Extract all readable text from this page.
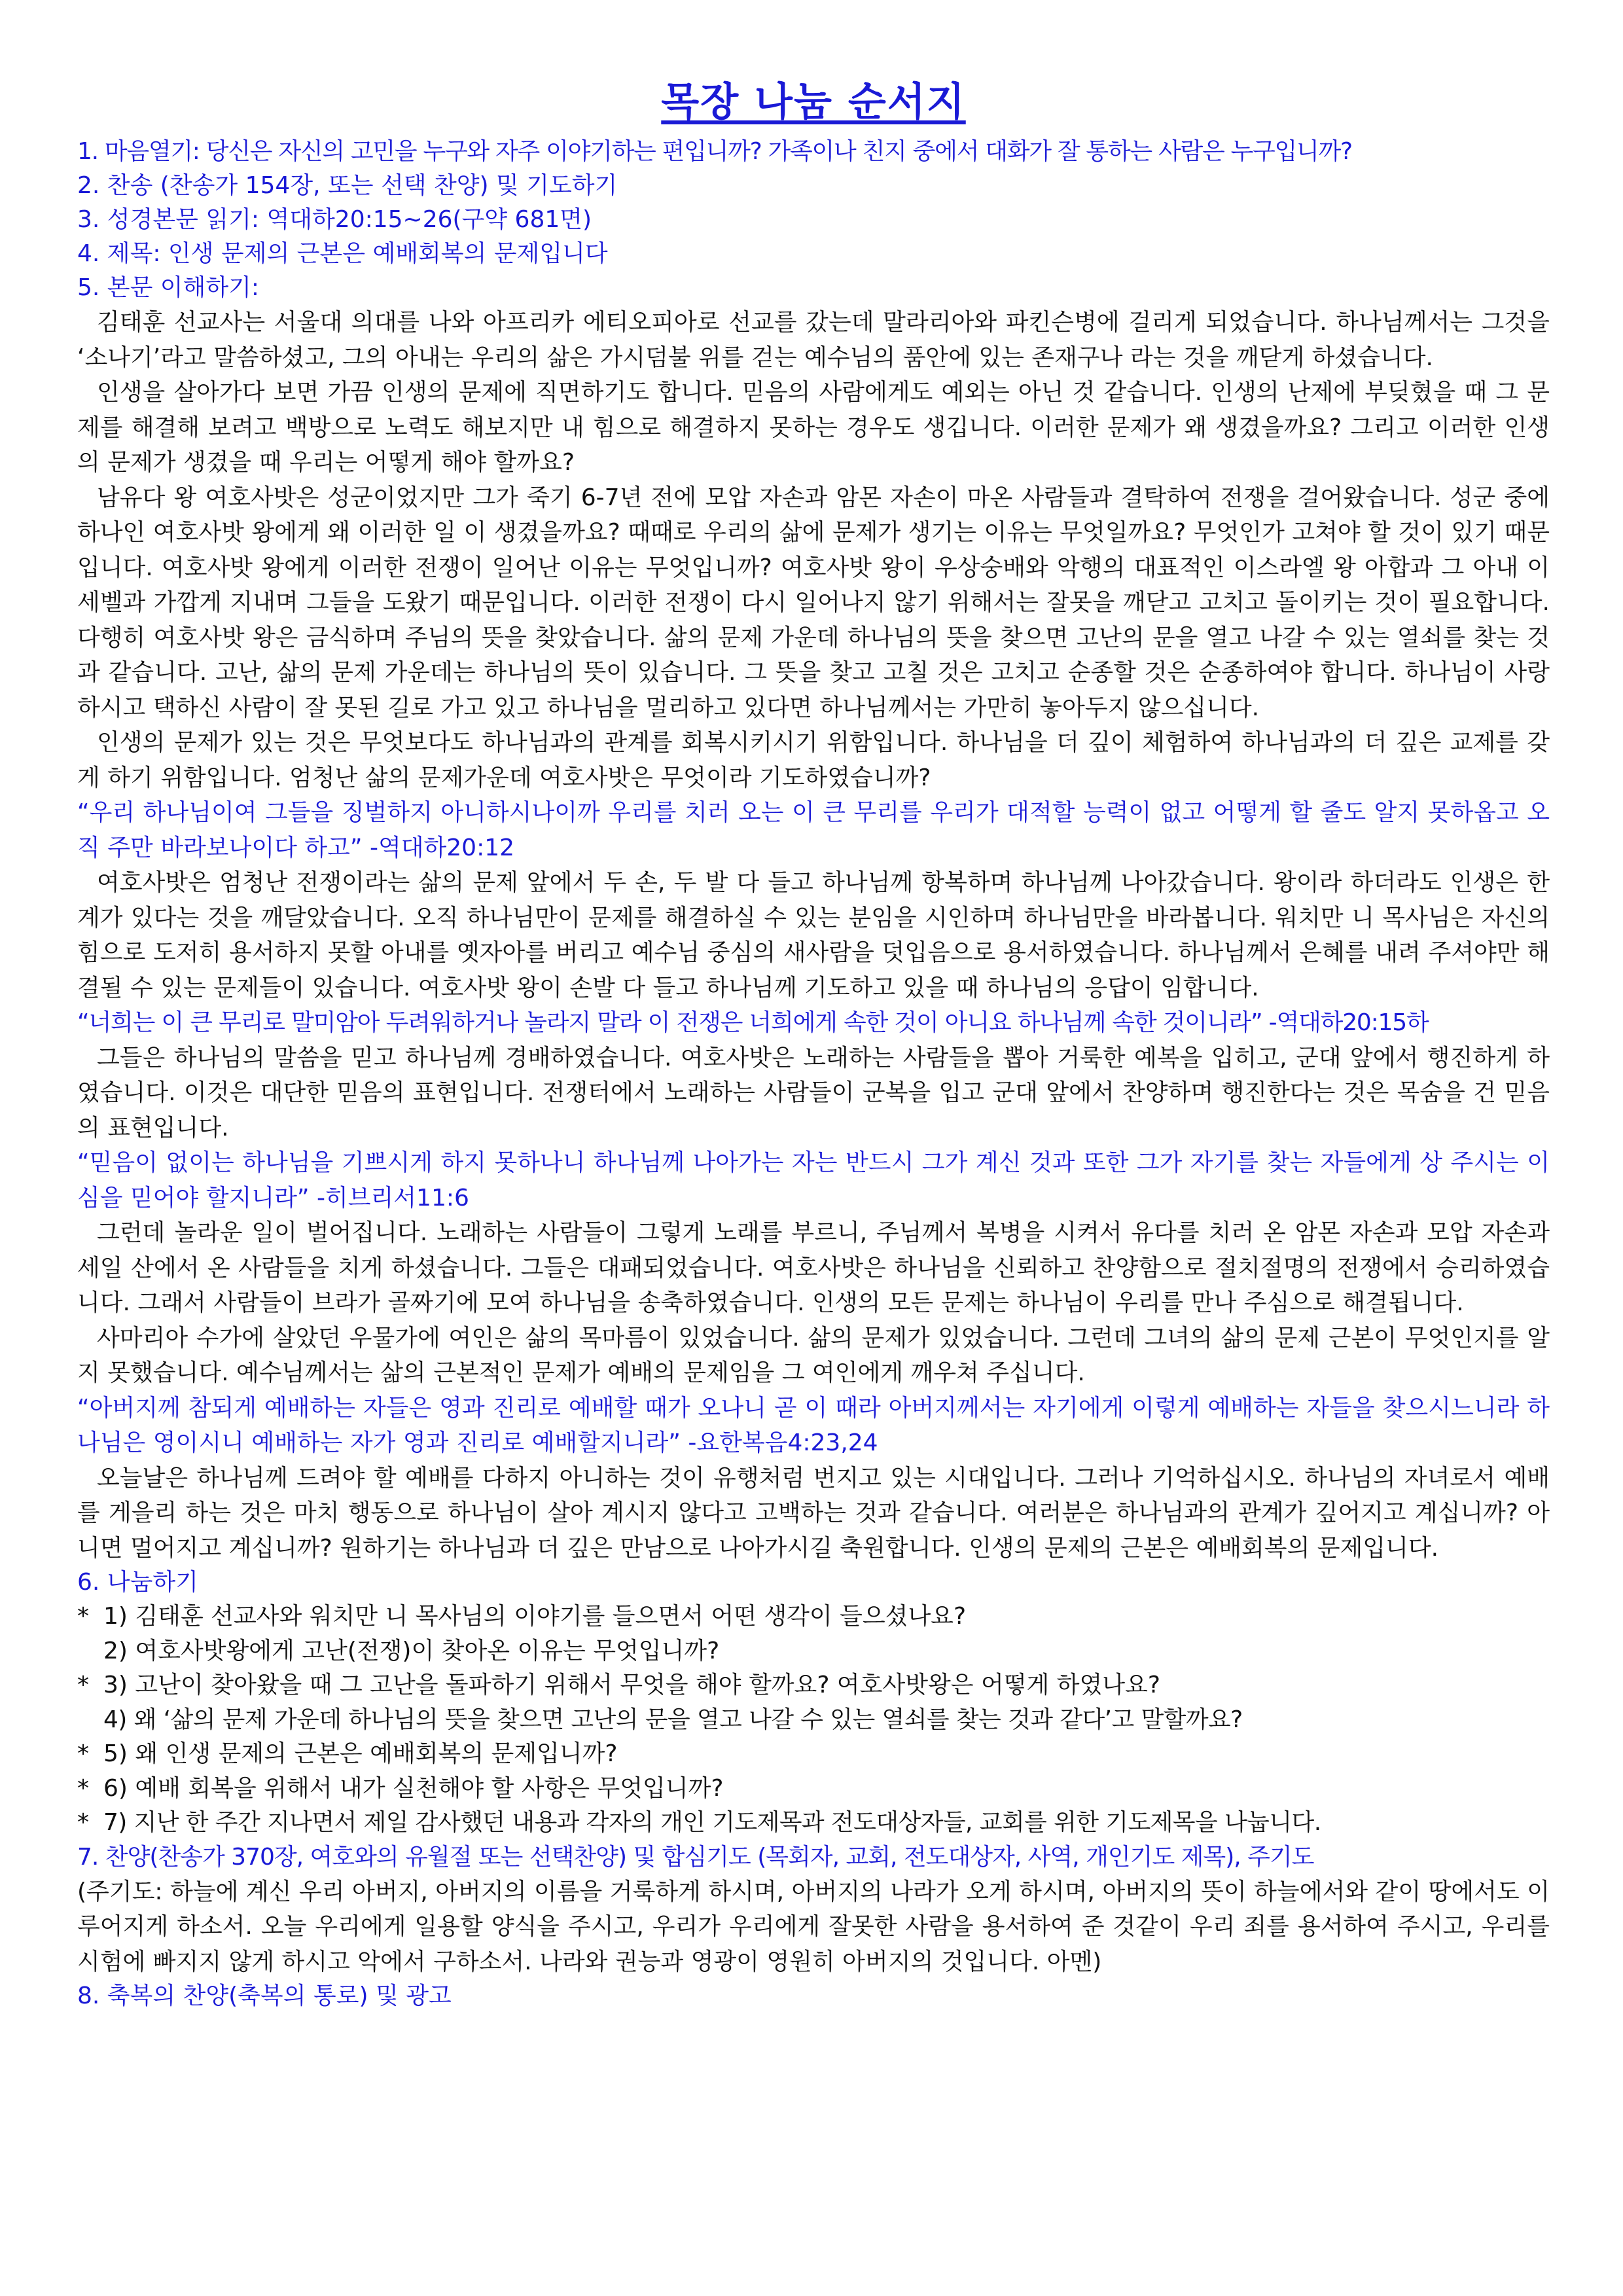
목장 나눔 순서지
1. 마음열기: 당신은 자신의 고민을 누구와 자주 이야기하는 편입니까? 가족이나 친지 중에서 대화가 잘 통하는 사람은 누구입니까?
2. 찬송 (찬송가 154장, 또는 선택 찬양) 및 기도하기
3. 성경본문 읽기: 역대하20:15~26(구약 681면)
4. 제목: 인생 문제의 근본은 예배회복의 문제입니다
5. 본문 이해하기:

김태훈 선교사는 서울대 의대를 나와 아프리카 에티오피아로 선교를 갔는데 말라리아와 파킨슨병에 걸리게 되었습니다. 하나님께서는 그것을 ‘소나기’라고 말씀하셨고, 그의 아내는 우리의 삶은 가시덤불 위를 걷는 예수님의 품안에 있는 존재구나 라는 것을 깨닫게 하셨습니다.

인생을 살아가다 보면 가끔 인생의 문제에 직면하기도 합니다. 믿음의 사람에게도 예외는 아닌 것 같습니다. 인생의 난제에 부딪혔을 때 그 문제를 해결해 보려고 백방으로 노력도 해보지만 내 힘으로 해결하지 못하는 경우도 생깁니다. 이러한 문제가 왜 생겼을까요? 그리고 이러한 인생의 문제가 생겼을 때 우리는 어떻게 해야 할까요?

남유다 왕 여호사밧은 성군이었지만 그가 죽기 6-7년 전에 모압 자손과 암몬 자손이 마온 사람들과 결탁하여 전쟁을 걸어왔습니다. 성군 중에 하나인 여호사밧 왕에게 왜 이러한 일 이 생겼을까요? 때때로 우리의 삶에 문제가 생기는 이유는 무엇일까요? 무엇인가 고쳐야 할 것이 있기 때문입니다. 여호사밧 왕에게 이러한 전쟁이 일어난 이유는 무엇입니까? 여호사밧 왕이 우상숭배와 악행의 대표적인 이스라엘 왕 아합과 그 아내 이세벨과 가깝게 지내며 그들을 도왔기 때문입니다. 이러한 전쟁이 다시 일어나지 않기 위해서는 잘못을 깨닫고 고치고 돌이키는 것이 필요합니다. 다행히 여호사밧 왕은 금식하며 주님의 뜻을 찾았습니다. 삶의 문제 가운데 하나님의 뜻을 찾으면 고난의 문을 열고 나갈 수 있는 열쇠를 찾는 것과 같습니다. 고난, 삶의 문제 가운데는 하나님의 뜻이 있습니다. 그 뜻을 찾고 고칠 것은 고치고 순종할 것은 순종하여야 합니다. 하나님이 사랑하시고 택하신 사람이 잘 못된 길로 가고 있고 하나님을 멀리하고 있다면 하나님께서는 가만히 놓아두지 않으십니다.

인생의 문제가 있는 것은 무엇보다도 하나님과의 관계를 회복시키시기 위함입니다. 하나님을 더 깊이 체험하여 하나님과의 더 깊은 교제를 갖게 하기 위함입니다. 엄청난 삶의 문제가운데 여호사밧은 무엇이라 기도하였습니까?

“우리 하나님이여 그들을 징벌하지 아니하시나이까 우리를 치러 오는 이 큰 무리를 우리가 대적할 능력이 없고 어떻게 할 줄도 알지 못하옵고 오직 주만 바라보나이다 하고” -역대하20:12

여호사밧은 엄청난 전쟁이라는 삶의 문제 앞에서 두 손, 두 발 다 들고 하나님께 항복하며 하나님께 나아갔습니다. 왕이라 하더라도 인생은 한계가 있다는 것을 깨달았습니다. 오직 하나님만이 문제를 해결하실 수 있는 분임을 시인하며 하나님만을 바라봅니다. 워치만 니 목사님은 자신의 힘으로 도저히 용서하지 못할 아내를 옛자아를 버리고 예수님 중심의 새사람을 덧입음으로 용서하였습니다. 하나님께서 은혜를 내려 주셔야만 해결될 수 있는 문제들이 있습니다. 여호사밧 왕이 손발 다 들고 하나님께 기도하고 있을 때 하나님의 응답이 임합니다.

“너희는 이 큰 무리로 말미암아 두려워하거나 놀라지 말라 이 전쟁은 너희에게 속한 것이 아니요 하나님께 속한 것이니라” -역대하20:15하

그들은 하나님의 말씀을 믿고 하나님께 경배하였습니다. 여호사밧은 노래하는 사람들을 뽑아 거룩한 예복을 입히고, 군대 앞에서 행진하게 하였습니다. 이것은 대단한 믿음의 표현입니다. 전쟁터에서 노래하는 사람들이 군복을 입고 군대 앞에서 찬양하며 행진한다는 것은 목숨을 건 믿음의 표현입니다.

“믿음이 없이는 하나님을 기쁘시게 하지 못하나니 하나님께 나아가는 자는 반드시 그가 계신 것과 또한 그가 자기를 찾는 자들에게 상 주시는 이심을 믿어야 할지니라” -히브리서11:6

그런데 놀라운 일이 벌어집니다. 노래하는 사람들이 그렇게 노래를 부르니, 주님께서 복병을 시켜서 유다를 치러 온 암몬 자손과 모압 자손과 세일 산에서 온 사람들을 치게 하셨습니다. 그들은 대패되었습니다. 여호사밧은 하나님을 신뢰하고 찬양함으로 절치절명의 전쟁에서 승리하였습니다. 그래서 사람들이 브라가 골짜기에 모여 하나님을 송축하였습니다. 인생의 모든 문제는 하나님이 우리를 만나 주심으로 해결됩니다.

사마리아 수가에 살았던 우물가에 여인은 삶의 목마름이 있었습니다. 삶의 문제가 있었습니다. 그런데 그녀의 삶의 문제 근본이 무엇인지를 알지 못했습니다. 예수님께서는 삶의 근본적인 문제가 예배의 문제임을 그 여인에게 깨우쳐 주십니다.

“아버지께 참되게 예배하는 자들은 영과 진리로 예배할 때가 오나니 곧 이 때라 아버지께서는 자기에게 이렇게 예배하는 자들을 찾으시느니라 하나님은 영이시니 예배하는 자가 영과 진리로 예배할지니라” -요한복음4:23,24

오늘날은 하나님께 드려야 할 예배를 다하지 아니하는 것이 유행처럼 번지고 있는 시대입니다. 그러나 기억하십시오. 하나님의 자녀로서 예배를 게을리 하는 것은 마치 행동으로 하나님이 살아 계시지 않다고 고백하는 것과 같습니다. 여러분은 하나님과의 관계가 깊어지고 계십니까? 아니면 멀어지고 계십니까? 원하기는 하나님과 더 깊은 만남으로 나아가시길 축원합니다. 인생의 문제의 근본은 예배회복의 문제입니다.

6. 나눔하기
* 1) 김태훈 선교사와 워치만 니 목사님의 이야기를 들으면서 어떤 생각이 들으셨나요?
2) 여호사밧왕에게 고난(전쟁)이 찾아온 이유는 무엇입니까?
* 3) 고난이 찾아왔을 때 그 고난을 돌파하기 위해서 무엇을 해야 할까요? 여호사밧왕은 어떻게 하였나요?
4) 왜 ‘삶의 문제 가운데 하나님의 뜻을 찾으면 고난의 문을 열고 나갈 수 있는 열쇠를 찾는 것과 같다’고 말할까요?
* 5) 왜 인생 문제의 근본은 예배회복의 문제입니까?
* 6) 예배 회복을 위해서 내가 실천해야 할 사항은 무엇입니까?
* 7) 지난 한 주간 지나면서 제일 감사했던 내용과 각자의 개인 기도제목과 전도대상자들, 교회를 위한 기도제목을 나눕니다.
7. 찬양(찬송가 370장, 여호와의 유월절 또는 선택찬양) 및 합심기도 (목회자, 교회, 전도대상자, 사역, 개인기도 제목), 주기도

(주기도: 하늘에 계신 우리 아버지, 아버지의 이름을 거룩하게 하시며, 아버지의 나라가 오게 하시며, 아버지의 뜻이 하늘에서와 같이 땅에서도 이루어지게 하소서. 오늘 우리에게 일용할 양식을 주시고, 우리가 우리에게 잘못한 사람을 용서하여 준 것같이 우리 죄를 용서하여 주시고, 우리를 시험에 빠지지 않게 하시고 악에서 구하소서. 나라와 권능과 영광이 영원히 아버지의 것입니다. 아멘)

8. 축복의 찬양(축복의 통로) 및 광고
